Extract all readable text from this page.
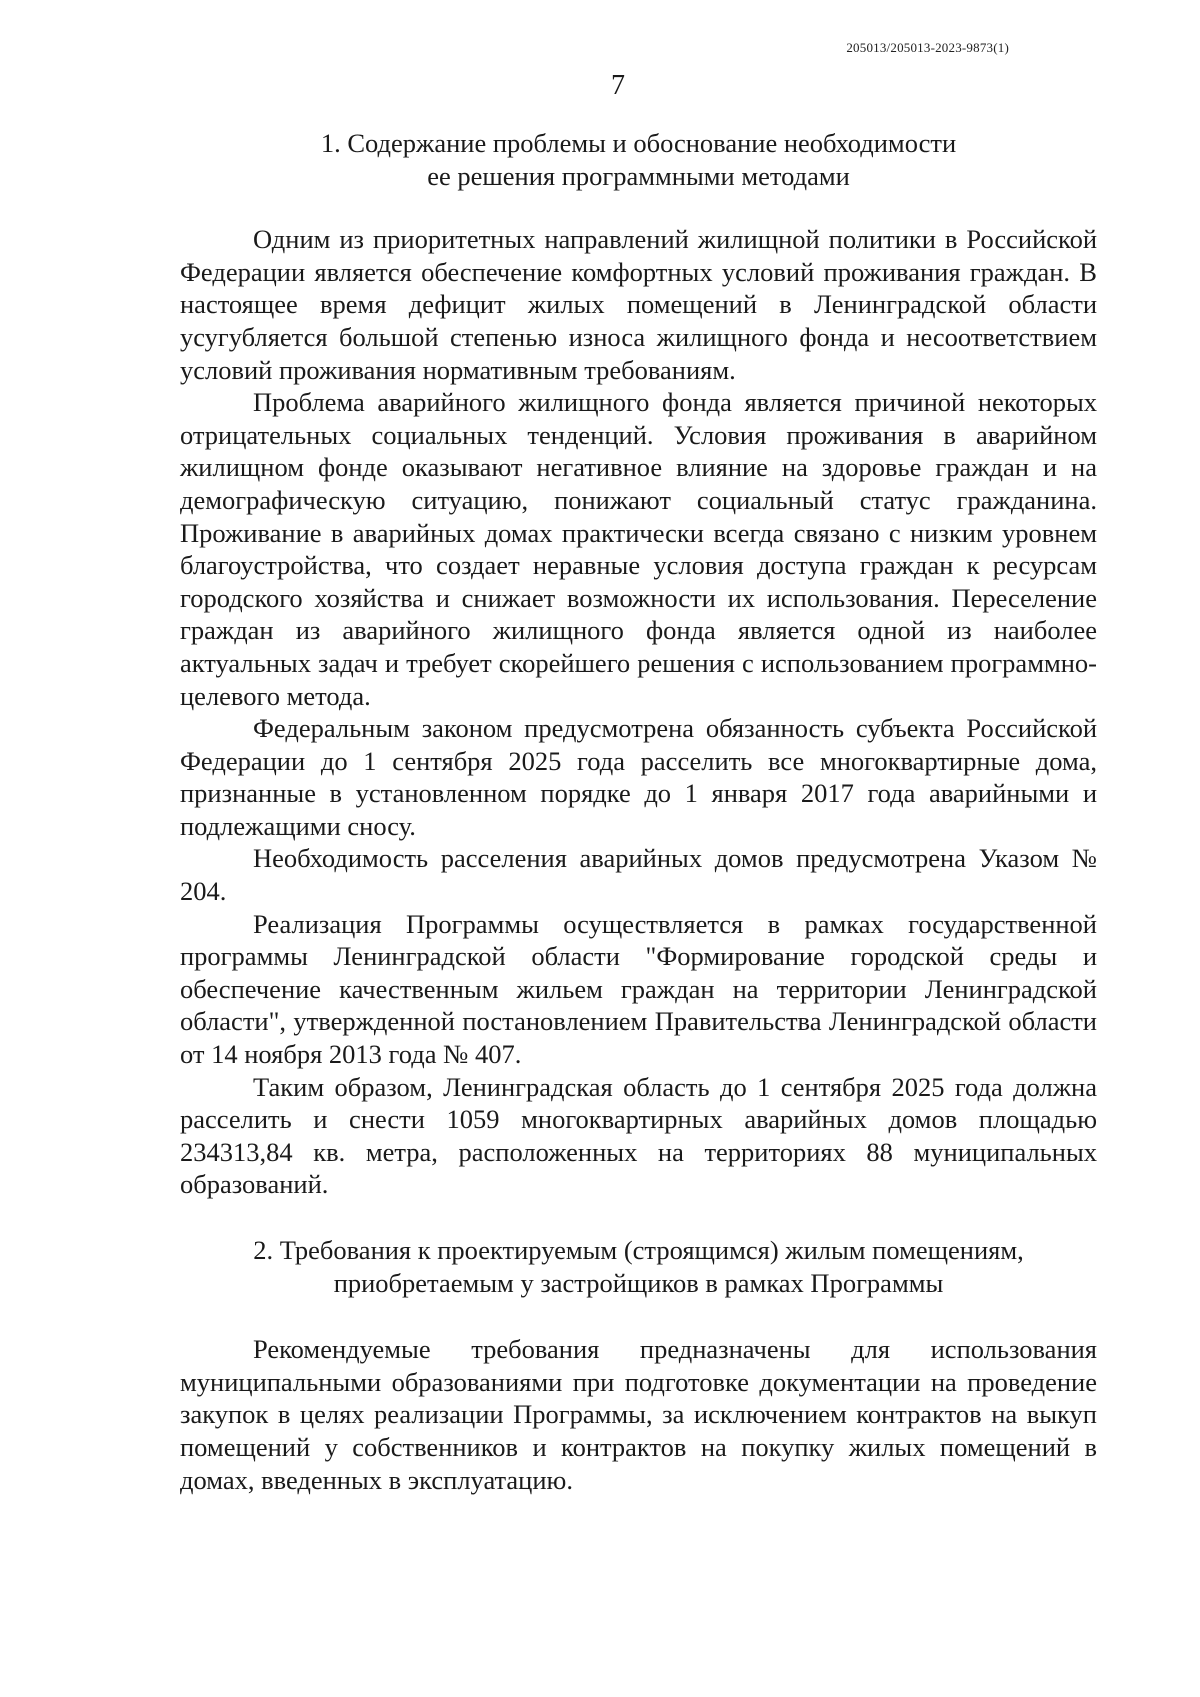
205013/205013-2023-9873(1)
7
1. Содержание проблемы и обоснование необходимости
ее решения программными методами

Одним из приоритетных направлений жилищной политики в Российской Федерации является обеспечение комфортных условий проживания граждан. В настоящее время дефицит жилых помещений в Ленинградской области усугубляется большой степенью износа жилищного фонда и несоответствием условий проживания нормативным требованиям.

Проблема аварийного жилищного фонда является причиной некоторых отрицательных социальных тенденций. Условия проживания в аварийном жилищном фонде оказывают негативное влияние на здоровье граждан и на демографическую ситуацию, понижают социальный статус гражданина. Проживание в аварийных домах практически всегда связано с низким уровнем благоустройства, что создает неравные условия доступа граждан к ресурсам городского хозяйства и снижает возможности их использования. Переселение граждан из аварийного жилищного фонда является одной из наиболее актуальных задач и требует скорейшего решения с использованием программно-целевого метода.

Федеральным законом предусмотрена обязанность субъекта Российской Федерации до 1 сентября 2025 года расселить все многоквартирные дома, признанные в установленном порядке до 1 января 2017 года аварийными и подлежащими сносу.

Необходимость расселения аварийных домов предусмотрена Указом № 204.

Реализация Программы осуществляется в рамках государственной программы Ленинградской области "Формирование городской среды и обеспечение качественным жильем граждан на территории Ленинградской области", утвержденной постановлением Правительства Ленинградской области от 14 ноября 2013 года № 407.

Таким образом, Ленинградская область до 1 сентября 2025 года должна расселить и снести 1059 многоквартирных аварийных домов площадью 234313,84 кв. метра, расположенных на территориях 88 муниципальных образований.

2. Требования к проектируемым (строящимся) жилым помещениям,
приобретаемым у застройщиков в рамках Программы

Рекомендуемые требования предназначены для использования муниципальными образованиями при подготовке документации на проведение закупок в целях реализации Программы, за исключением контрактов на выкуп помещений у собственников и контрактов на покупку жилых помещений в домах, введенных в эксплуатацию.
